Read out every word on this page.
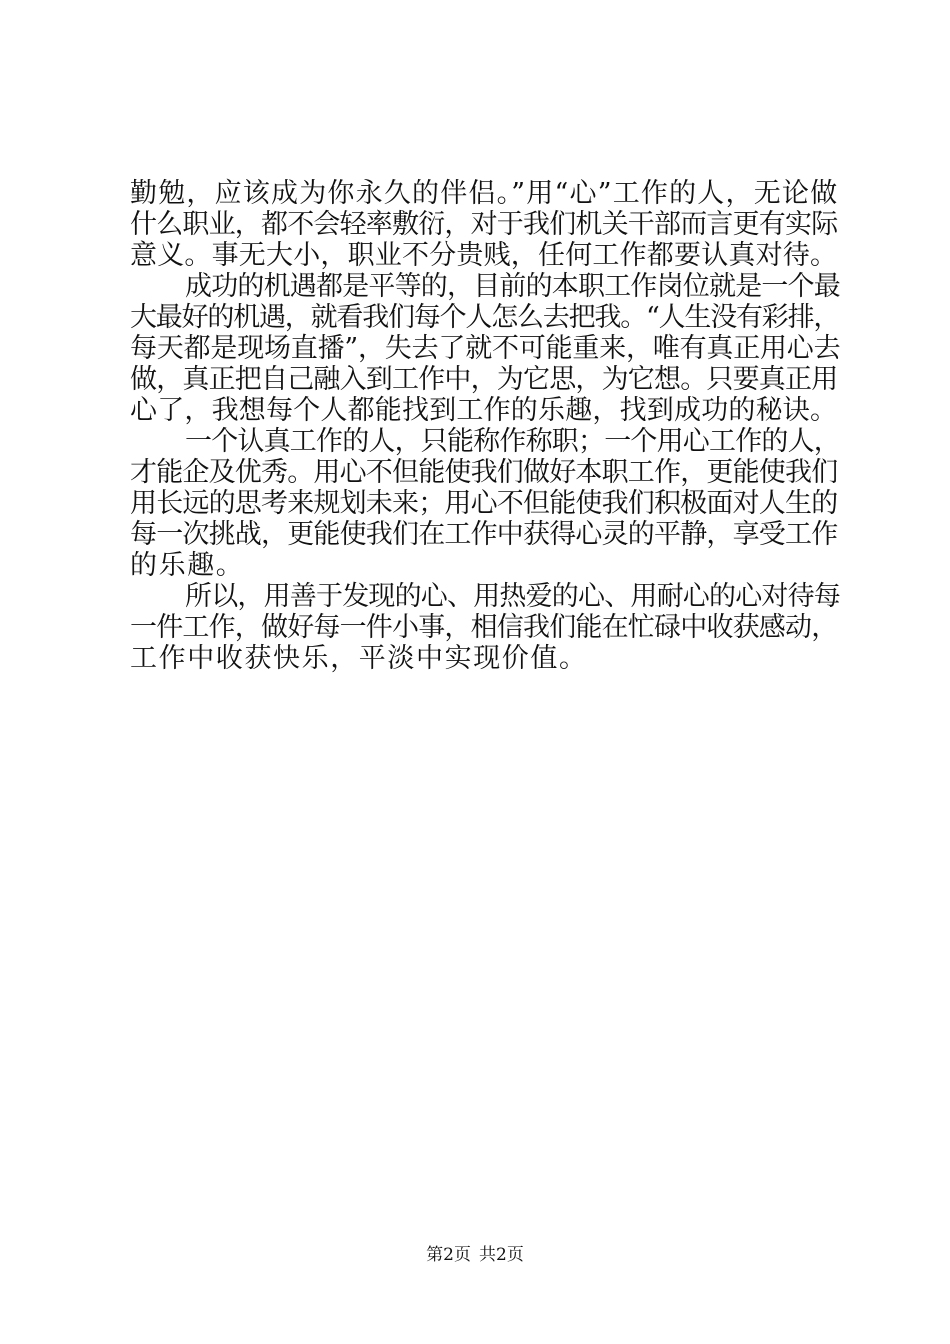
勤勉，应该成为你永久的伴侣。”用“心”工作的人，无论做
什么职业，都不会轻率敷衍，对于我们机关干部而言更有实际
意义。事无大小，职业不分贵贱，任何工作都要认真对待。
成功的机遇都是平等的，目前的本职工作岗位就是一个最
大最好的机遇，就看我们每个人怎么去把我。“人生没有彩排，
每天都是现场直播”，失去了就不可能重来，唯有真正用心去
做，真正把自己融入到工作中，为它思，为它想。只要真正用
心了，我想每个人都能找到工作的乐趣，找到成功的秘诀。
一个认真工作的人，只能称作称职；一个用心工作的人，
才能企及优秀。用心不但能使我们做好本职工作，更能使我们
用长远的思考来规划未来；用心不但能使我们积极面对人生的
每一次挑战，更能使我们在工作中获得心灵的平静，享受工作
的乐趣。
所以，用善于发现的心、用热爱的心、用耐心的心对待每
一件工作，做好每一件小事，相信我们能在忙碌中收获感动，
工作中收获快乐，平淡中实现价值。
第2页 共2页
